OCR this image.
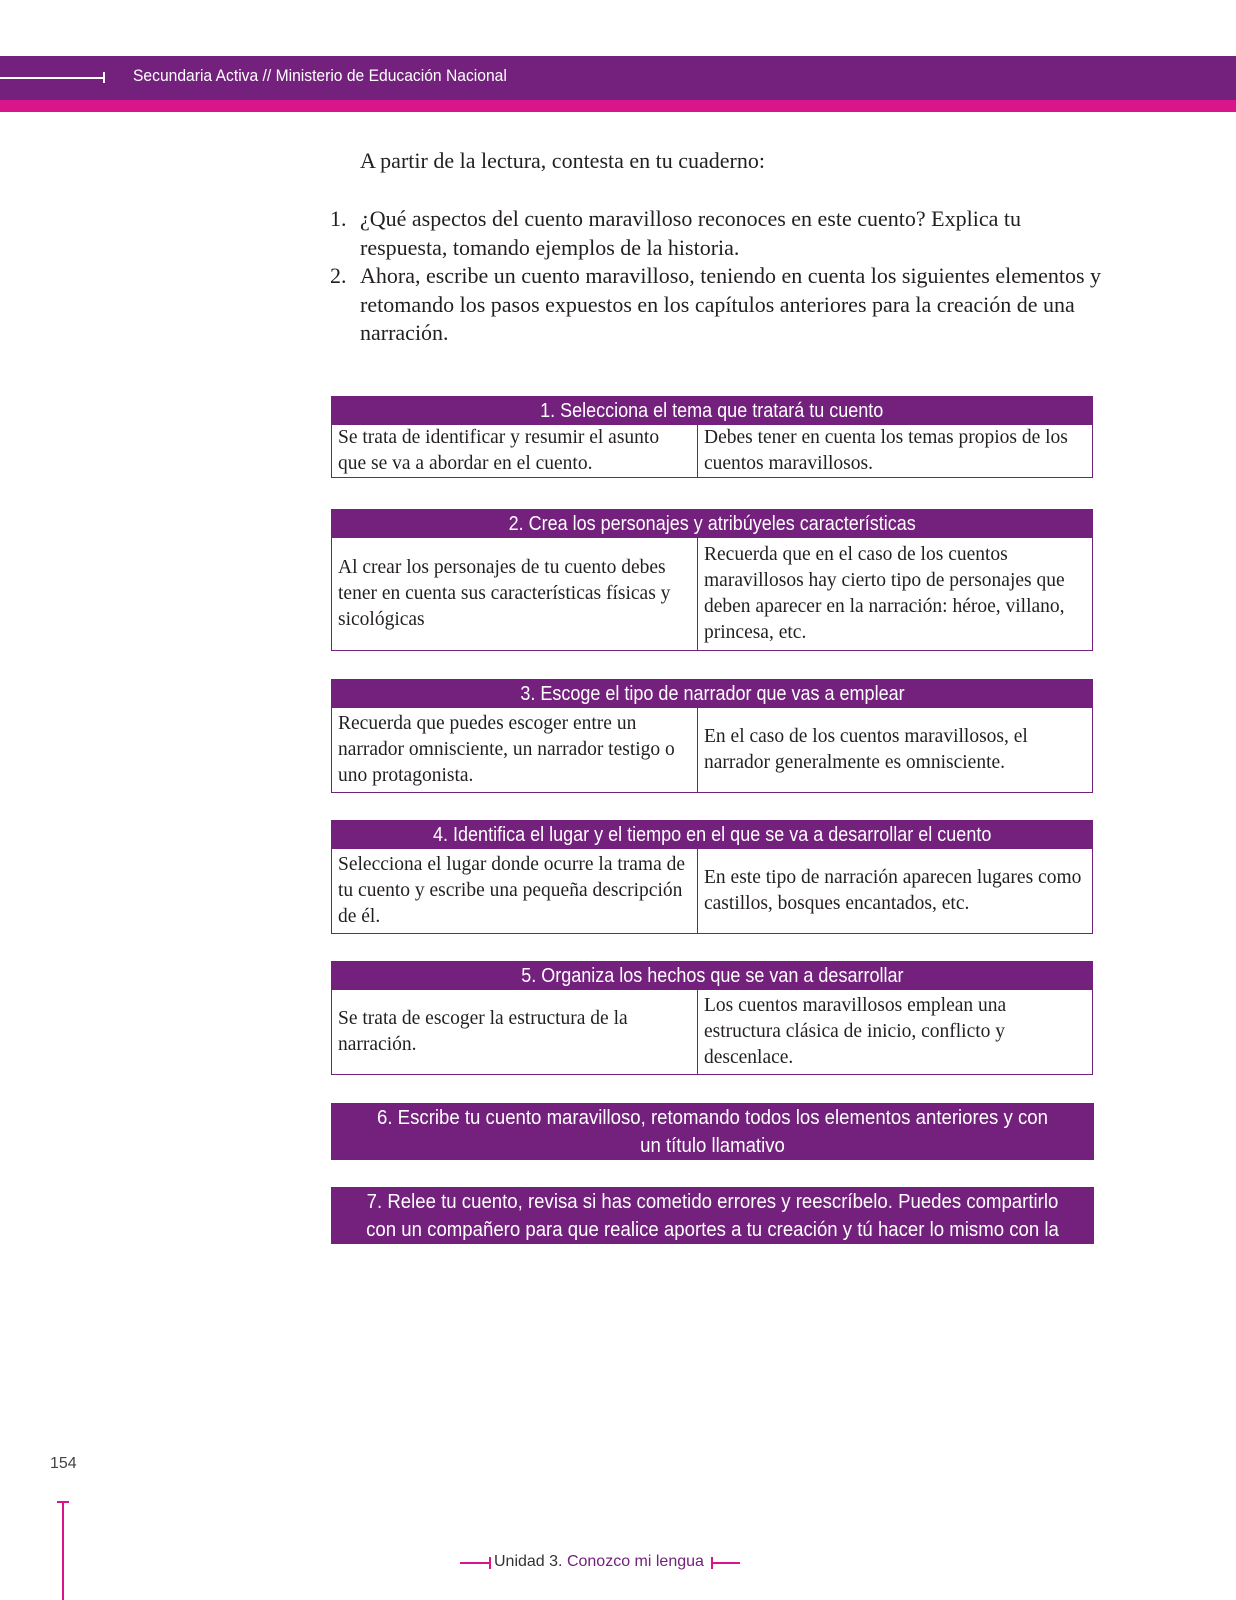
Secundaria Activa // Ministerio de Educación Nacional
A partir de la lectura, contesta en tu cuaderno:
1. ¿Qué aspectos del cuento maravilloso reconoces en este cuento? Explica tu respuesta, tomando ejemplos de la historia.
2. Ahora, escribe un cuento maravilloso, teniendo en cuenta los siguientes elementos y retomando los pasos expuestos en los capítulos anteriores para la creación de una narración.
1. Selecciona el tema que tratará tu cuento
Se trata de identificar y resumir el asunto que se va a abordar en el cuento.
Debes tener en cuenta los temas propios de los cuentos maravillosos.
2. Crea los personajes y atribúyeles características
Al crear los personajes de tu cuento debes tener en cuenta sus características físicas y sicológicas
Recuerda que en el caso de los cuentos maravillosos hay cierto tipo de personajes que deben aparecer en la narración: héroe, villano, princesa, etc.
3. Escoge el tipo de narrador que vas a emplear
Recuerda que puedes escoger entre un narrador omnisciente, un narrador testigo o uno protagonista.
En el caso de los cuentos maravillosos, el narrador generalmente es omnisciente.
4. Identifica el lugar y el tiempo en el que se va a desarrollar el cuento
Selecciona el lugar donde ocurre la trama de tu cuento y escribe una pequeña descripción de él.
En este tipo de narración aparecen lugares como castillos, bosques encantados, etc.
5. Organiza los hechos que se van a desarrollar
Se trata de escoger la estructura de la narración.
Los cuentos maravillosos emplean una estructura clásica de inicio, conflicto y descenlace.
6. Escribe tu cuento maravilloso, retomando todos los elementos anteriores y con un título llamativo
7. Relee tu cuento, revisa si has cometido errores y reescríbelo. Puedes compartirlo con un compañero para que realice aportes a tu creación y tú hacer lo mismo con la suya.
154
Unidad 3. Conozco mi lengua
